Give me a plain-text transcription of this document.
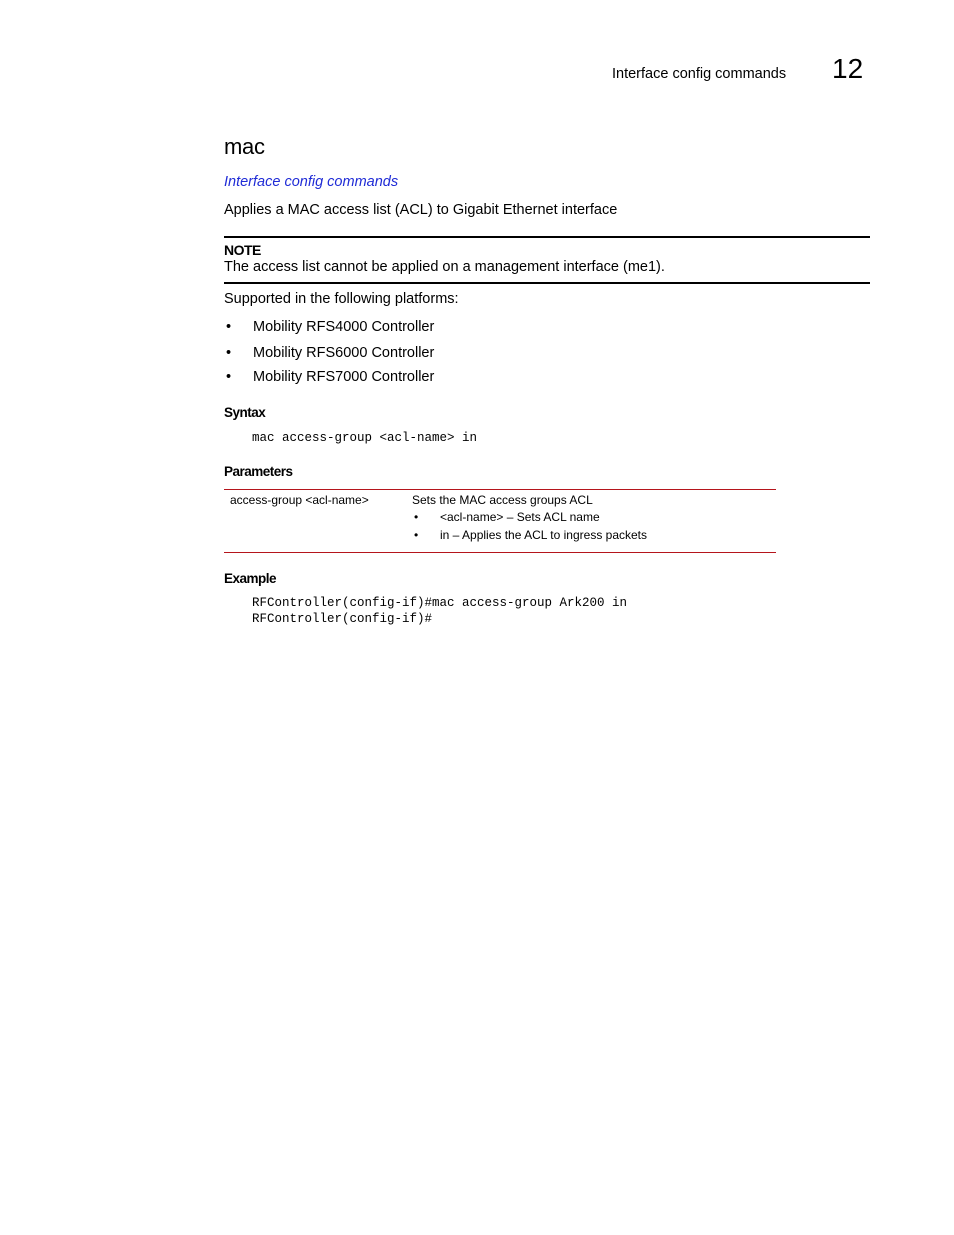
Interface config commands 12
mac
Interface config commands
Applies a MAC access list (ACL) to Gigabit Ethernet interface
NOTE
The access list cannot be applied on a management interface (me1).
Supported in the following platforms:
• Mobility RFS4000 Controller
• Mobility RFS6000 Controller
• Mobility RFS7000 Controller
Syntax
mac access-group <acl-name> in
Parameters
access-group <acl-name>	Sets the MAC access groups ACL
• <acl-name> – Sets ACL name
• in – Applies the ACL to ingress packets
Example
RFController(config-if)#mac access-group Ark200 in
RFController(config-if)#
